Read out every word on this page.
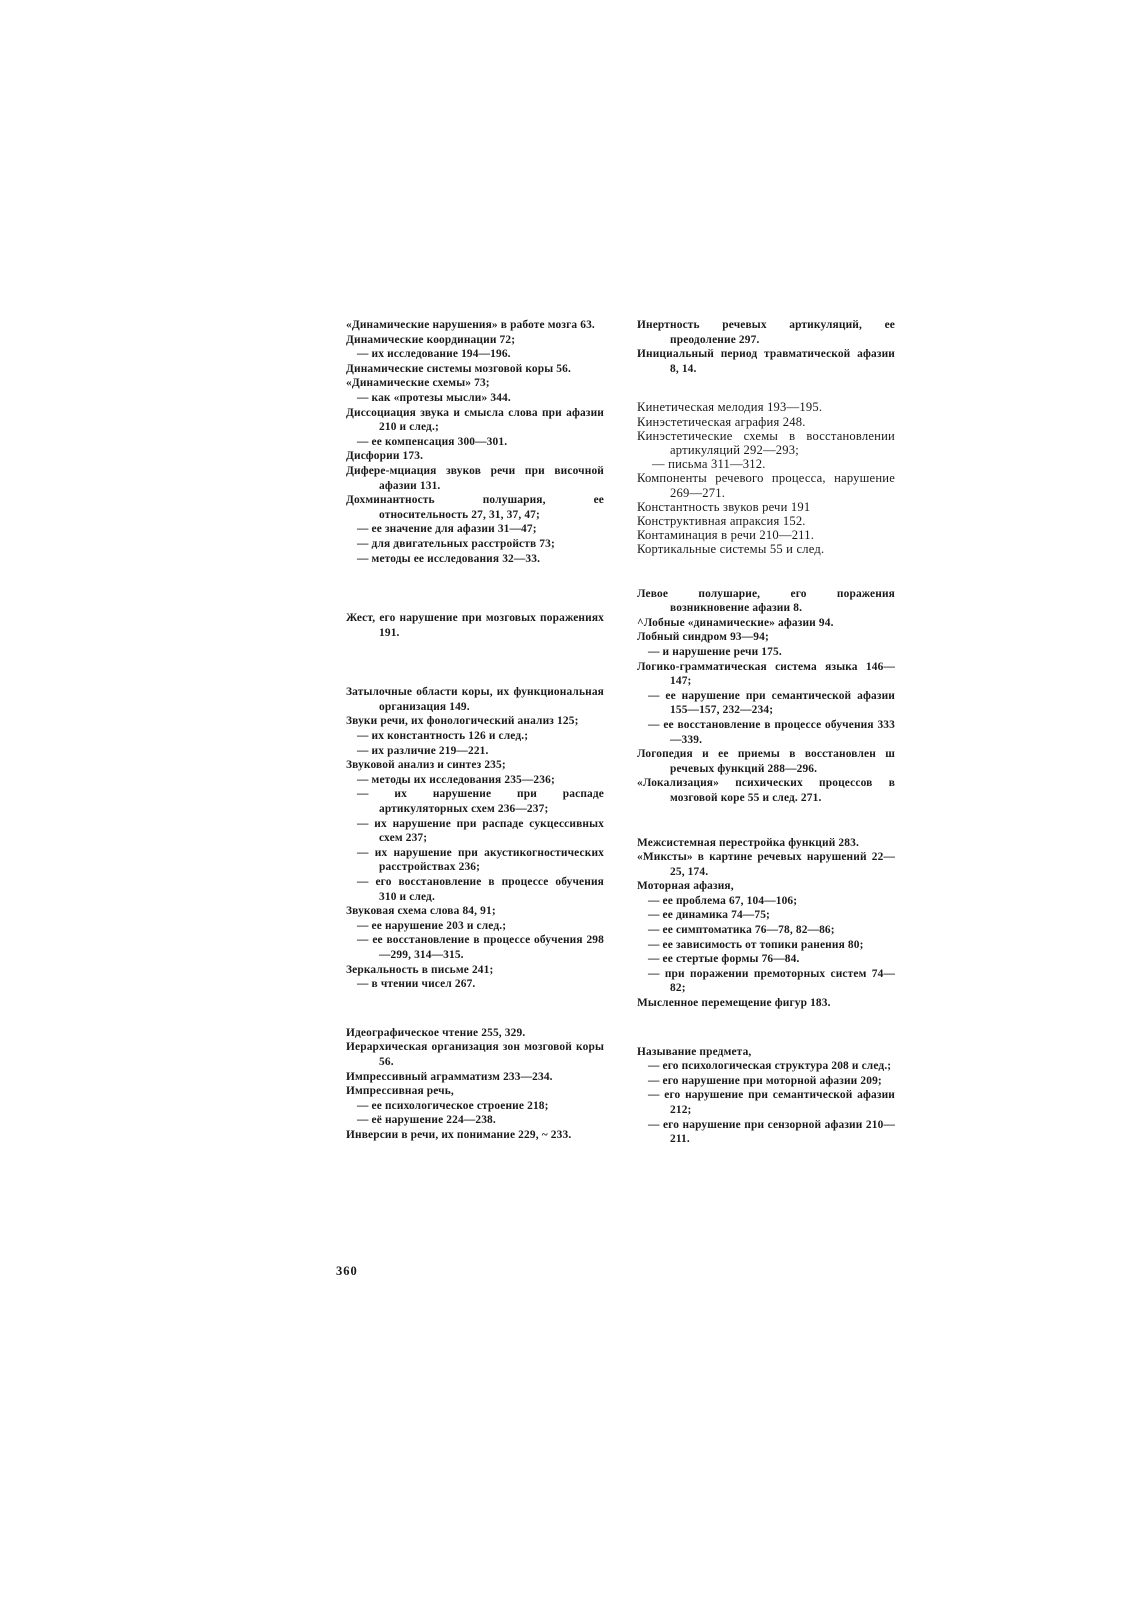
«Динамические нарушения» в работе мозга 63.

Динамические координации 72;

— их исследование 194—196.

Динамические системы мозговой коры 56.

«Динамические схемы» 73;

— как «протезы мысли» 344.

Диссоциация звука и смысла слова при афазии 210 и след.;

— ее компенсация 300—301.

Дисфории 173.

Дифере-мциация звуков речи при височной афазии 131.

Дохминантность полушария, ее относительность 27, 31, 37, 47;

— ее значение для афазии 31—47;

— для двигательных расстройств 73;

— методы ее исследования 32—33.

Жест, его нарушение при мозговых поражениях 191.

Затылочные области коры, их функциональная организация 149.

Звуки речи, их фонологический анализ 125;

— их константность 126 и след.;

— их различие 219—221.

Звуковой анализ и синтез 235;

— методы их исследования 235—236;

— их нарушение при распаде артикуляторных схем 236—237;

— их нарушение при распаде сукцессивных схем 237;

— их нарушение при акустикогностических расстройствах 236;

— его восстановление в процессе обучения 310 и след.

Звуковая схема слова 84, 91;

— ее нарушение 203 и след.;

— ее восстановление в процессе обучения 298—299, 314—315.

Зеркальность в письме 241;

— в чтении чисел 267.

Идеографическое чтение 255, 329.

Иерархическая организация зон мозговой коры 56.

Импрессивный аграмматизм 233—234.

Импрессивная речь,

— ее психологическое строение 218;

— её нарушение 224—238.

Инверсии в речи, их понимание 229, ~ 233.

Инертность речевых артикуляций, ее преодоление 297.

Инициальный период травматической афазии 8, 14.

Кинетическая мелодия 193—195.

Кинэстетическая аграфия 248.

Кинэстетические схемы в восстановлении артикуляций 292—293;

— письма 311—312.

Компоненты речевого процесса, нарушение 269—271.

Константность звуков речи 191

Конструктивная апраксия 152.

Контаминация в речи 210—211.

Кортикальные системы 55 и след.

Левое полушарие, его поражения возникновение афазии 8.

^Лобные «динамические» афазии 94.

Лобный синдром 93—94;

— и нарушение речи 175.

Логико-грамматическая система языка 146—147;

— ее нарушение при семантической афазии 155—157, 232—234;

— ее восстановление в процессе обучения 333—339.

Логопедия и ее приемы в восстановлен ш речевых функций 288—296.

«Локализация» психических процессов в мозговой коре 55 и след. 271.

Межсистемная перестройка функций 283.

«Миксты» в картине речевых нарушений 22—25, 174.

Моторная афазия,

— ее проблема 67, 104—106;

— ее динамика 74—75;

— ее симптоматика 76—78, 82—86;

— ее зависимость от топики ранения 80;

— ее стертые формы 76—84.

— при поражении премоторных систем 74—82;

Мысленное перемещение фигур 183.

Называние предмета,

— его психологическая структура 208 и след.;

— его нарушение при моторной афазии 209;

— его нарушение при семантической афазии 212;

— его нарушение при сензорной афазии 210—211.

360
